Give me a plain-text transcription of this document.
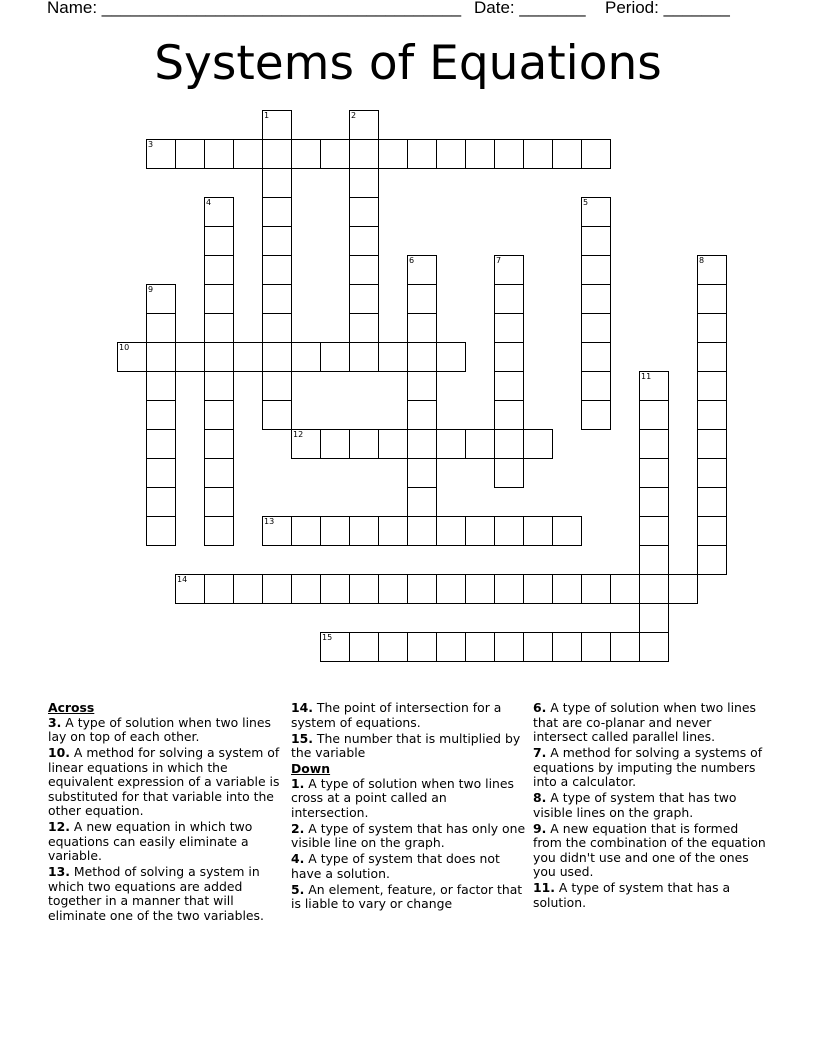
Name: ______________________________________

Date: _______

Period: _______

Systems of Equations
1	2
3
4	5
6	7	8
9
10
11
12
13
14
15
Across
3. A type of solution when two lines lay on top of each other.
10. A method for solving a system of linear equations in which the equivalent expression of a variable is substituted for that variable into the other equation.
12. A new equation in which two equations can easily eliminate a variable.
13. Method of solving a system in which two equations are added together in a manner that will eliminate one of the two variables.
14. The point of intersection for a system of equations.
15. The number that is multiplied by the variable
Down
1. A type of solution when two lines cross at a point called an intersection.
2. A type of system that has only one visible line on the graph.
4. A type of system that does not have a solution.
5. An element, feature, or factor that is liable to vary or change
6. A type of solution when two lines that are co-planar and never intersect called parallel lines.
7. A method for solving a systems of equations by imputing the numbers into a calculator.
8. A type of system that has two visible lines on the graph.
9. A new equation that is formed from the combination of the equation you didn't use and one of the ones you used.
11. A type of system that has a solution.
